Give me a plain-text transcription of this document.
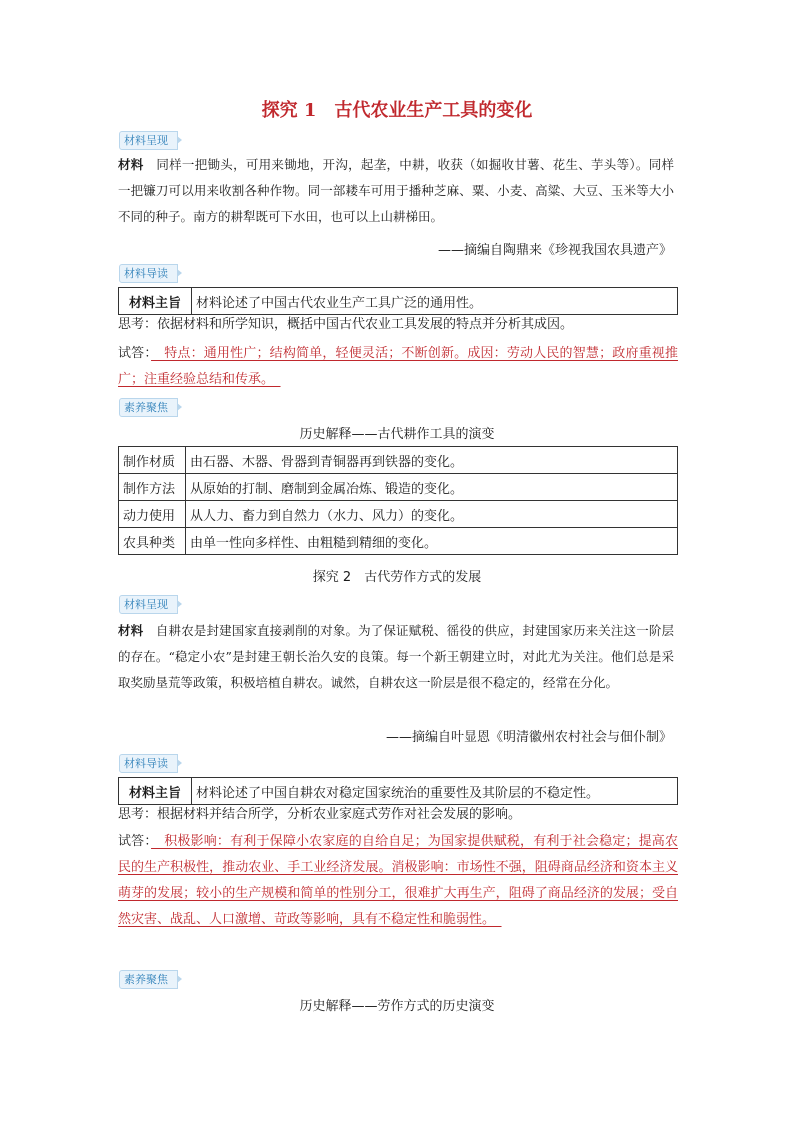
探究 1　古代农业生产工具的变化
材料呈现
材料　同样一把锄头，可用来锄地，开沟，起垄，中耕，收获（如掘收甘薯、花生、芋头等）。同样一把镰刀可以用来收割各种作物。同一部耧车可用于播种芝麻、粟、小麦、高粱、大豆、玉米等大小不同的种子。南方的耕犁既可下水田，也可以上山耕梯田。
——摘编自陶鼎来《珍视我国农具遗产》
材料导读
材料主旨	材料论述了中国古代农业生产工具广泛的通用性。
思考：依据材料和所学知识，概括中国古代农业工具发展的特点并分析其成因。
试答：　特点：通用性广；结构简单，轻便灵活；不断创新。成因：劳动人民的智慧；政府重视推广；注重经验总结和传承。　
素养聚焦
历史解释——古代耕作工具的演变
制作材质	由石器、木器、骨器到青铜器再到铁器的变化。
制作方法	从原始的打制、磨制到金属冶炼、锻造的变化。
动力使用	从人力、畜力到自然力（水力、风力）的变化。
农具种类	由单一性向多样性、由粗糙到精细的变化。
探究 2　古代劳作方式的发展
材料呈现
材料　自耕农是封建国家直接剥削的对象。为了保证赋税、徭役的供应，封建国家历来关注这一阶层的存在。“稳定小农”是封建王朝长治久安的良策。每一个新王朝建立时，对此尤为关注。他们总是采取奖励垦荒等政策，积极培植自耕农。诚然，自耕农这一阶层是很不稳定的，经常在分化。
——摘编自叶显恩《明清徽州农村社会与佃仆制》
材料导读
材料主旨	材料论述了中国自耕农对稳定国家统治的重要性及其阶层的不稳定性。
思考：根据材料并结合所学，分析农业家庭式劳作对社会发展的影响。
试答：　积极影响：有利于保障小农家庭的自给自足；为国家提供赋税，有利于社会稳定；提高农民的生产积极性，推动农业、手工业经济发展。消极影响：市场性不强，阻碍商品经济和资本主义萌芽的发展；较小的生产规模和简单的性别分工，很难扩大再生产，阻碍了商品经济的发展；受自然灾害、战乱、人口激增、苛政等影响，具有不稳定性和脆弱性。　
素养聚焦
历史解释——劳作方式的历史演变
